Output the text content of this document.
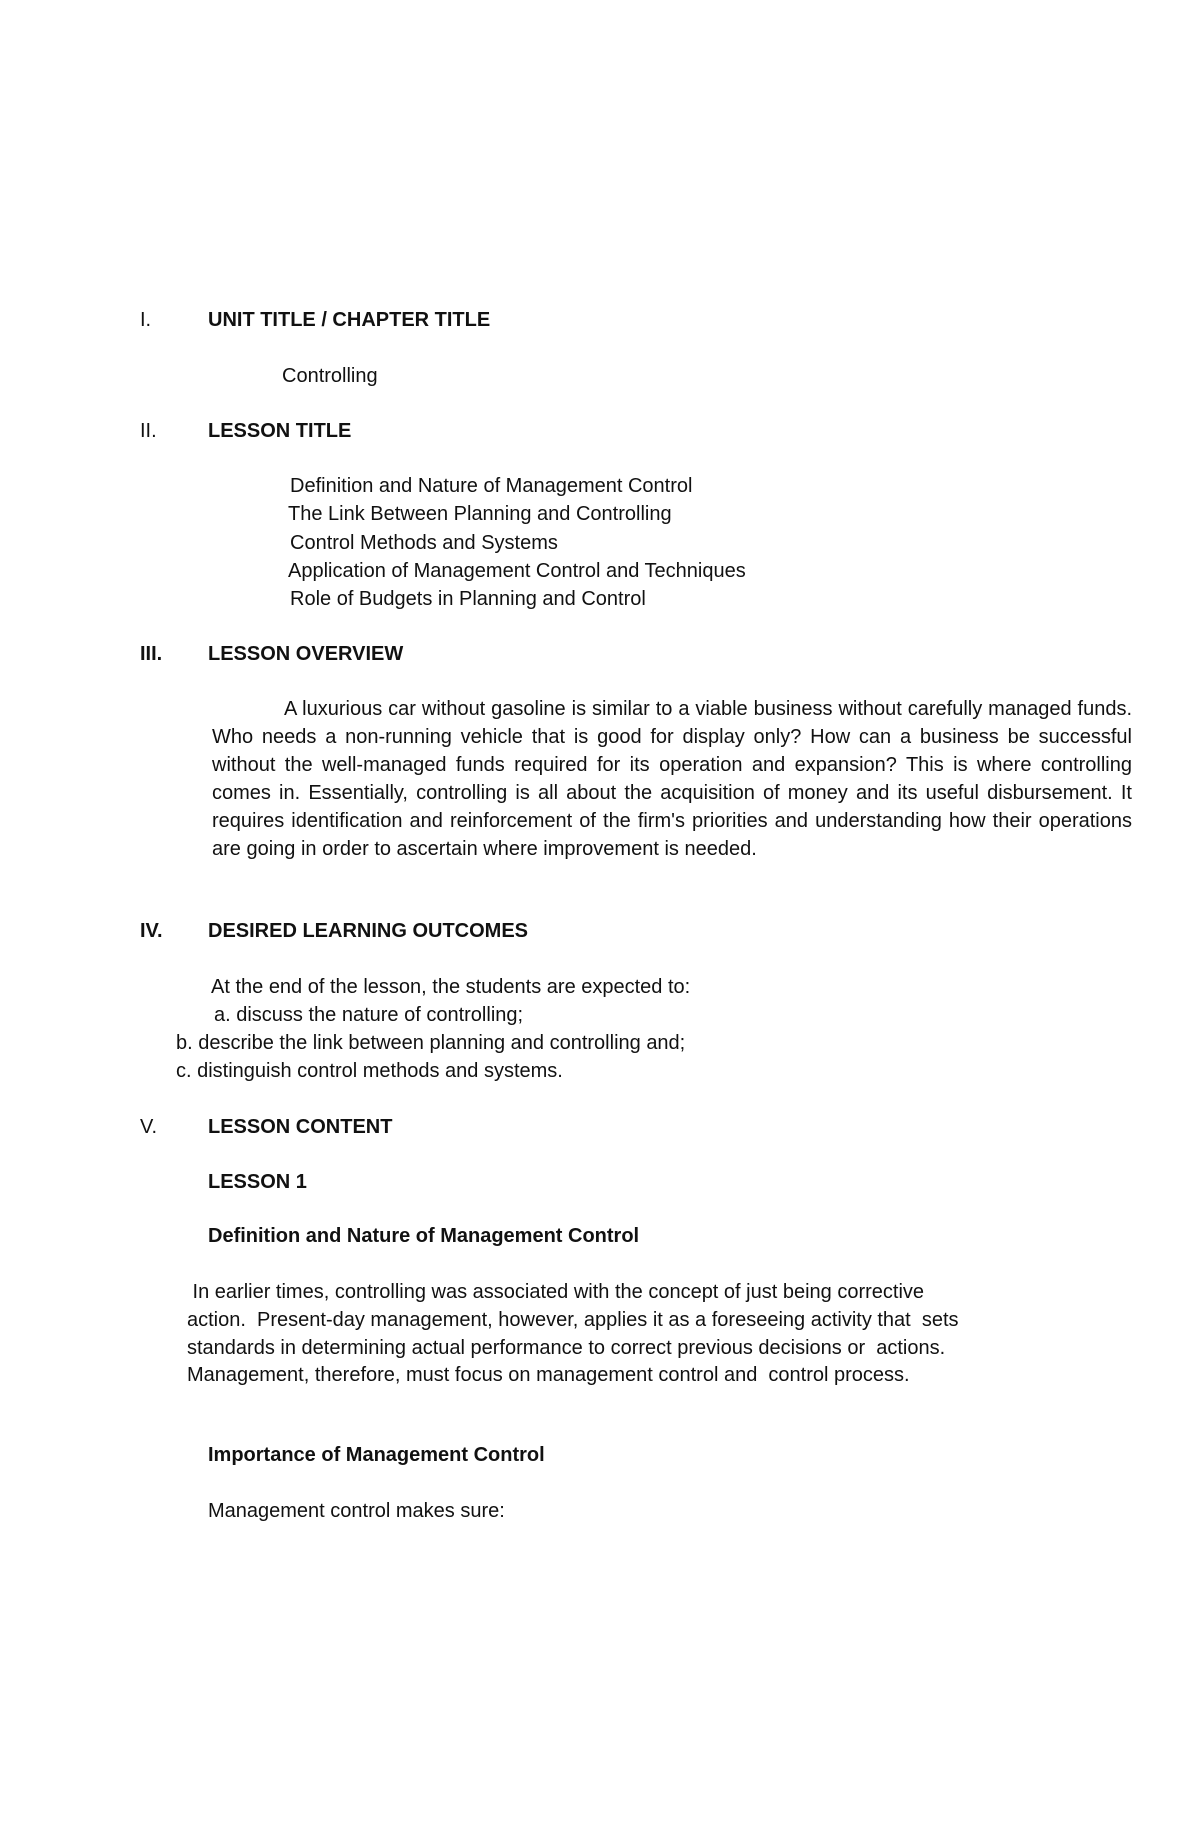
I.	UNIT TITLE / CHAPTER TITLE
Controlling
II.	LESSON TITLE
Definition and Nature of Management Control
The Link Between Planning and Controlling
Control Methods and Systems
Application of Management Control and Techniques
Role of Budgets in Planning and Control
III. LESSON OVERVIEW
A luxurious car without gasoline is similar to a viable business without carefully managed funds. Who needs a non-running vehicle that is good for display only? How can a business be successful without the well-managed funds required for its operation and expansion? This is where controlling comes in. Essentially, controlling is all about the acquisition of money and its useful disbursement. It requires identification and reinforcement of the firm's priorities and understanding how their operations are going in order to ascertain where improvement is needed.
IV. DESIRED LEARNING OUTCOMES
At the end of the lesson, the students are expected to:
a. discuss the nature of controlling;
b. describe the link between planning and controlling and;
c. distinguish control methods and systems.
V.	LESSON CONTENT
LESSON 1
Definition and Nature of Management Control
In earlier times, controlling was associated with the concept of just being corrective
action.  Present-day management, however, applies it as a foreseeing activity that  sets
standards in determining actual performance to correct previous decisions or  actions.
Management, therefore, must focus on management control and  control process.
Importance of Management Control
Management control makes sure:
